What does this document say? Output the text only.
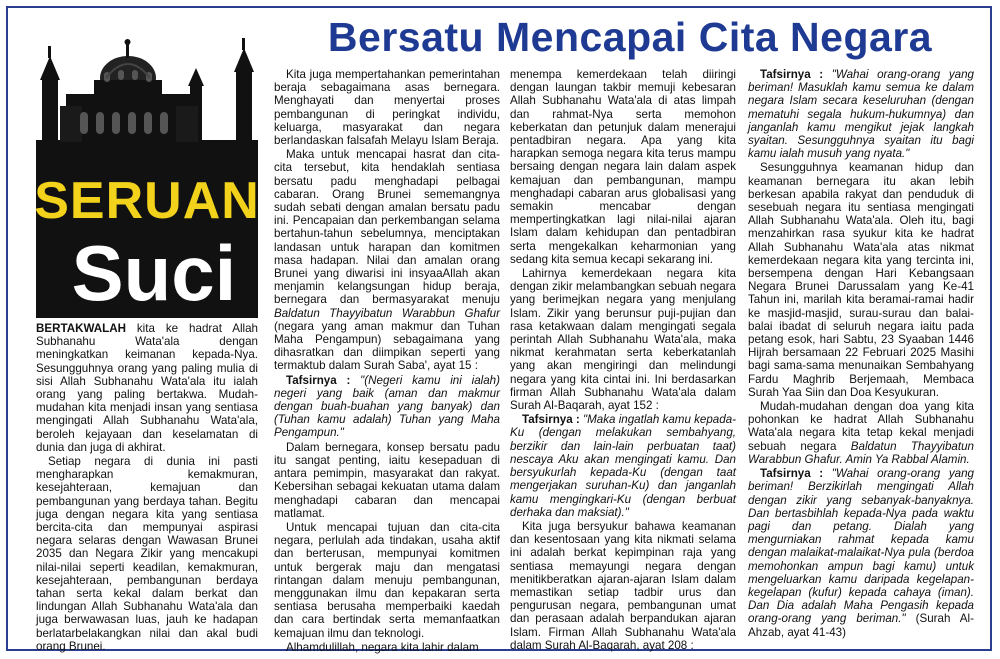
SERUAN
Suci
Bersatu Mencapai Cita Negara

BERTAKWALAH kita ke hadrat Allah Subhanahu Wata'ala dengan meningkatkan keimanan kepada-Nya. Sesungguhnya orang yang paling mulia di sisi Allah Subhanahu Wata'ala itu ialah orang yang paling bertakwa. Mudah-mudahan kita menjadi insan yang sentiasa mengingati Allah Subhanahu Wata'ala, beroleh kejayaan dan keselamatan di dunia dan juga di akhirat.

Setiap negara di dunia ini pasti mengharapkan kemakmuran, kesejahteraan, kemajuan dan pembangunan yang berdaya tahan. Begitu juga dengan negara kita yang sentiasa bercita-cita dan mempunyai aspirasi negara selaras dengan Wawasan Brunei 2035 dan Negara Zikir yang mencakupi nilai-nilai seperti keadilan, kemakmuran, kesejahteraan, pembangunan berdaya tahan serta kekal dalam berkat dan lindungan Allah Subhanahu Wata'ala dan juga berwawasan luas, jauh ke hadapan berlatarbelakangkan nilai dan akal budi orang Brunei.

Kita juga mempertahankan pemerintahan beraja sebagaimana asas bernegara. Menghayati dan menyertai proses pembangunan di peringkat individu, keluarga, masyarakat dan negara berlandaskan falsafah Melayu Islam Beraja.

Maka untuk mencapai hasrat dan cita-cita tersebut, kita hendaklah sentiasa bersatu padu menghadapi pelbagai cabaran. Orang Brunei sememangnya sudah sebati dengan amalan bersatu padu ini. Pencapaian dan perkembangan selama bertahun-tahun sebelumnya, menciptakan landasan untuk harapan dan komitmen masa hadapan. Nilai dan amalan orang Brunei yang diwarisi ini insyaaAllah akan menjamin kelangsungan hidup beraja, bernegara dan bermasyarakat menuju Baldatun Thayyibatun Warabbun Ghafur (negara yang aman makmur dan Tuhan Maha Pengampun) sebagaimana yang dihasratkan dan diimpikan seperti yang termaktub dalam Surah Saba', ayat 15 :

Tafsirnya : "(Negeri kamu ini ialah) negeri yang baik (aman dan makmur dengan buah-buahan yang banyak) dan (Tuhan kamu adalah) Tuhan yang Maha Pengampun."

Dalam bernegara, konsep bersatu padu itu sangat penting, iaitu kesepaduan di antara pemimpin, masyarakat dan rakyat. Kebersihan sebagai kekuatan utama dalam menghadapi cabaran dan mencapai matlamat.

Untuk mencapai tujuan dan cita-cita negara, perlulah ada tindakan, usaha aktif dan berterusan, mempunyai komitmen untuk bergerak maju dan mengatasi rintangan dalam menuju pembangunan, menggunakan ilmu dan kepakaran serta sentiasa berusaha memperbaiki kaedah dan cara bertindak serta memanfaatkan kemajuan ilmu dan teknologi.

Alhamdulillah, negara kita lahir dalam

menempa kemerdekaan telah diiringi dengan laungan takbir memuji kebesaran Allah Subhanahu Wata'ala di atas limpah dan rahmat-Nya serta memohon keberkatan dan petunjuk dalam menerajui pentadbiran negara. Apa yang kita harapkan semoga negara kita terus mampu bersaing dengan negara lain dalam aspek kemajuan dan pembangunan, mampu menghadapi cabaran arus globalisasi yang semakin mencabar dengan mempertingkatkan lagi nilai-nilai ajaran Islam dalam kehidupan dan pentadbiran serta mengekalkan keharmonian yang sedang kita semua kecapi sekarang ini.

Lahirnya kemerdekaan negara kita dengan zikir melambangkan sebuah negara yang berimejkan negara yang menjulang Islam. Zikir yang berunsur puji-pujian dan rasa ketakwaan dalam mengingati segala perintah Allah Subhanahu Wata'ala, maka nikmat kerahmatan serta keberkatanlah yang akan mengiringi dan melindungi negara yang kita cintai ini. Ini berdasarkan firman Allah Subhanahu Wata'ala dalam Surah Al-Baqarah, ayat 152 :

Tafsirnya : "Maka ingatlah kamu kepada-Ku (dengan melakukan sembahyang, berzikir dan lain-lain perbuatan taat) nescaya Aku akan mengingati kamu. Dan bersyukurlah kepada-Ku (dengan taat mengerjakan suruhan-Ku) dan janganlah kamu mengingkari-Ku (dengan berbuat derhaka dan maksiat)."

Kita juga bersyukur bahawa keamanan dan kesentosaan yang kita nikmati selama ini adalah berkat kepimpinan raja yang sentiasa memayungi negara dengan menitikberatkan ajaran-ajaran Islam dalam memastikan setiap tadbir urus dan pengurusan negara, pembangunan umat dan perasaan adalah berpandukan ajaran Islam. Firman Allah Subhanahu Wata'ala dalam Surah Al-Baqarah, ayat 208 :

Tafsirnya : "Wahai orang-orang yang beriman! Masuklah kamu semua ke dalam negara Islam secara keseluruhan (dengan mematuhi segala hukum-hukumnya) dan janganlah kamu mengikut jejak langkah syaitan. Sesungguhnya syaitan itu bagi kamu ialah musuh yang nyata."

Sesungguhnya keamanan hidup dan keamanan bernegara itu akan lebih berkesan apabila rakyat dan penduduk di sesebuah negara itu sentiasa mengingati Allah Subhanahu Wata'ala. Oleh itu, bagi menzahirkan rasa syukur kita ke hadrat Allah Subhanahu Wata'ala atas nikmat kemerdekaan negara kita yang tercinta ini, bersempena dengan Hari Kebangsaan Negara Brunei Darussalam yang Ke-41 Tahun ini, marilah kita beramai-ramai hadir ke masjid-masjid, surau-surau dan balai-balai ibadat di seluruh negara iaitu pada petang esok, hari Sabtu, 23 Syaaban 1446 Hijrah bersamaan 22 Februari 2025 Masihi bagi sama-sama menunaikan Sembahyang Fardu Maghrib Berjemaah, Membaca Surah Yaa Siin dan Doa Kesyukuran.

Mudah-mudahan dengan doa yang kita pohonkan ke hadrat Allah Subhanahu Wata'ala negara kita tetap kekal menjadi sebuah negara Baldatun Thayyibatun Warabbun Ghafur. Amin Ya Rabbal Alamin.

Tafsirnya : "Wahai orang-orang yang beriman! Berzikirlah mengingati Allah dengan zikir yang sebanyak-banyaknya. Dan bertasbihlah kepada-Nya pada waktu pagi dan petang. Dialah yang mengurniakan rahmat kepada kamu dengan malaikat-malaikat-Nya pula (berdoa memohonkan ampun bagi kamu) untuk mengeluarkan kamu daripada kegelapan-kegelapan (kufur) kepada cahaya (iman). Dan Dia adalah Maha Pengasih kepada orang-orang yang beriman." (Surah Al-Ahzab, ayat 41-43)
